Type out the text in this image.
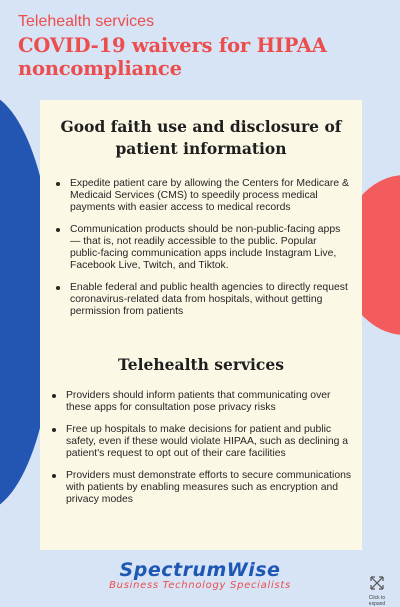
Telehealth services
COVID-19 waivers for HIPAA noncompliance
Good faith use and disclosure of patient information
Expedite patient care by allowing the Centers for Medicare & Medicaid Services (CMS) to speedily process medical payments with easier access to medical records
Communication products should be non-public-facing apps — that is, not readily accessible to the public. Popular public-facing communication apps include Instagram Live, Facebook Live, Twitch, and Tiktok.
Enable federal and public health agencies to directly request coronavirus-related data from hospitals, without getting permission from patients
Telehealth services
Providers should inform patients that communicating over these apps for consultation pose privacy risks
Free up hospitals to make decisions for patient and public safety, even if these would violate HIPAA, such as declining a patient's request to opt out of their care facilities
Providers must demonstrate efforts to secure communications with patients by enabling measures such as encryption and privacy modes
SpectrumWise
Business Technology Specialists
Click to expand
